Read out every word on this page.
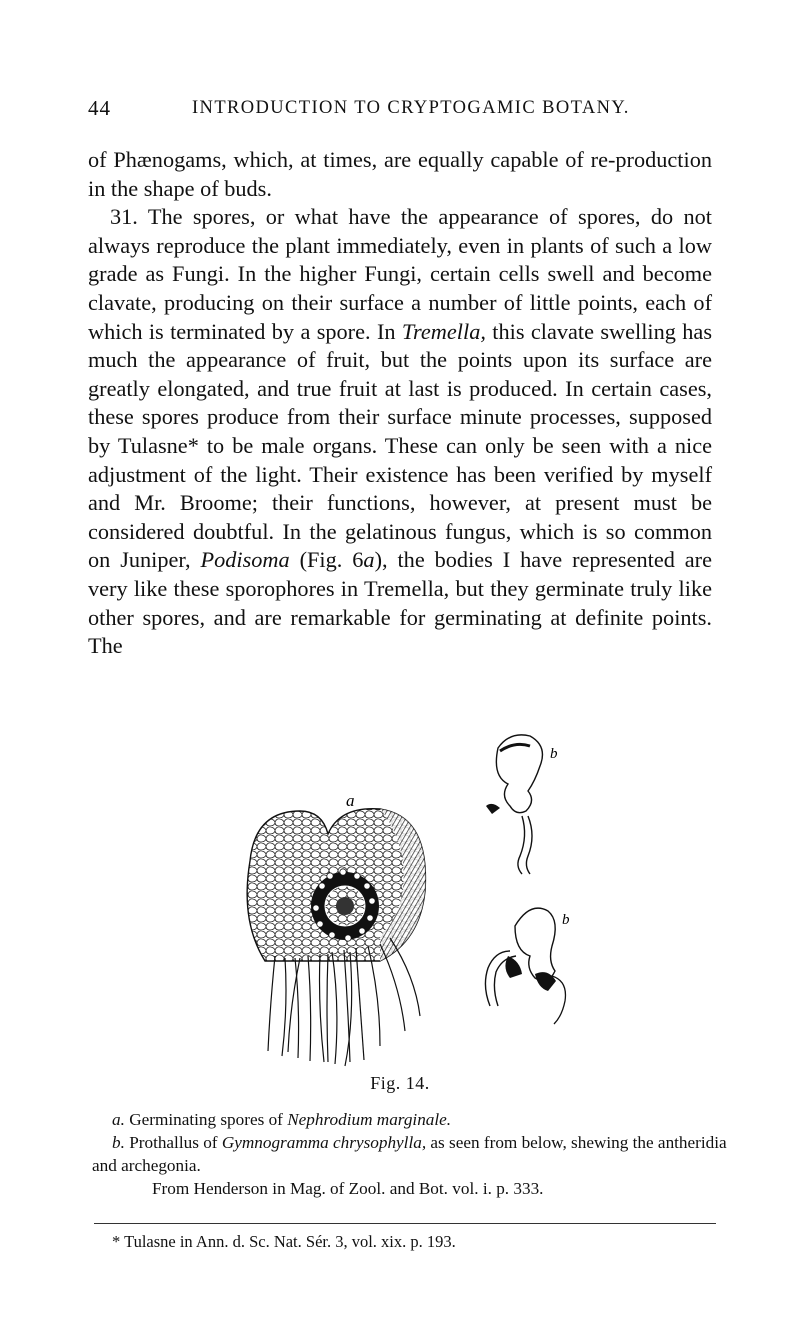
44	INTRODUCTION TO CRYPTOGAMIC BOTANY.

of Phænogams, which, at times, are equally capable of re-production in the shape of buds.

31. The spores, or what have the appearance of spores, do not always reproduce the plant immediately, even in plants of such a low grade as Fungi. In the higher Fungi, certain cells swell and become clavate, producing on their surface a number of little points, each of which is terminated by a spore. In Tremella, this clavate swelling has much the appearance of fruit, but the points upon its surface are greatly elongated, and true fruit at last is produced. In certain cases, these spores produce from their surface minute processes, supposed by Tulasne* to be male organs. These can only be seen with a nice adjustment of the light. Their existence has been verified by myself and Mr. Broome; their functions, however, at present must be considered doubtful. In the gelatinous fungus, which is so common on Juniper, Podisoma (Fig. 6a), the bodies I have represented are very like these sporophores in Tremella, but they germinate truly like other spores, and are remarkable for germinating at definite points. The

a
b
b
Fig. 14.

a. Germinating spores of Nephrodium marginale.

b. Prothallus of Gymnogramma chrysophylla, as seen from below, shewing the antheridia and archegonia.

From Henderson in Mag. of Zool. and Bot. vol. i. p. 333.

* Tulasne in Ann. d. Sc. Nat. Sér. 3, vol. xix. p. 193.
